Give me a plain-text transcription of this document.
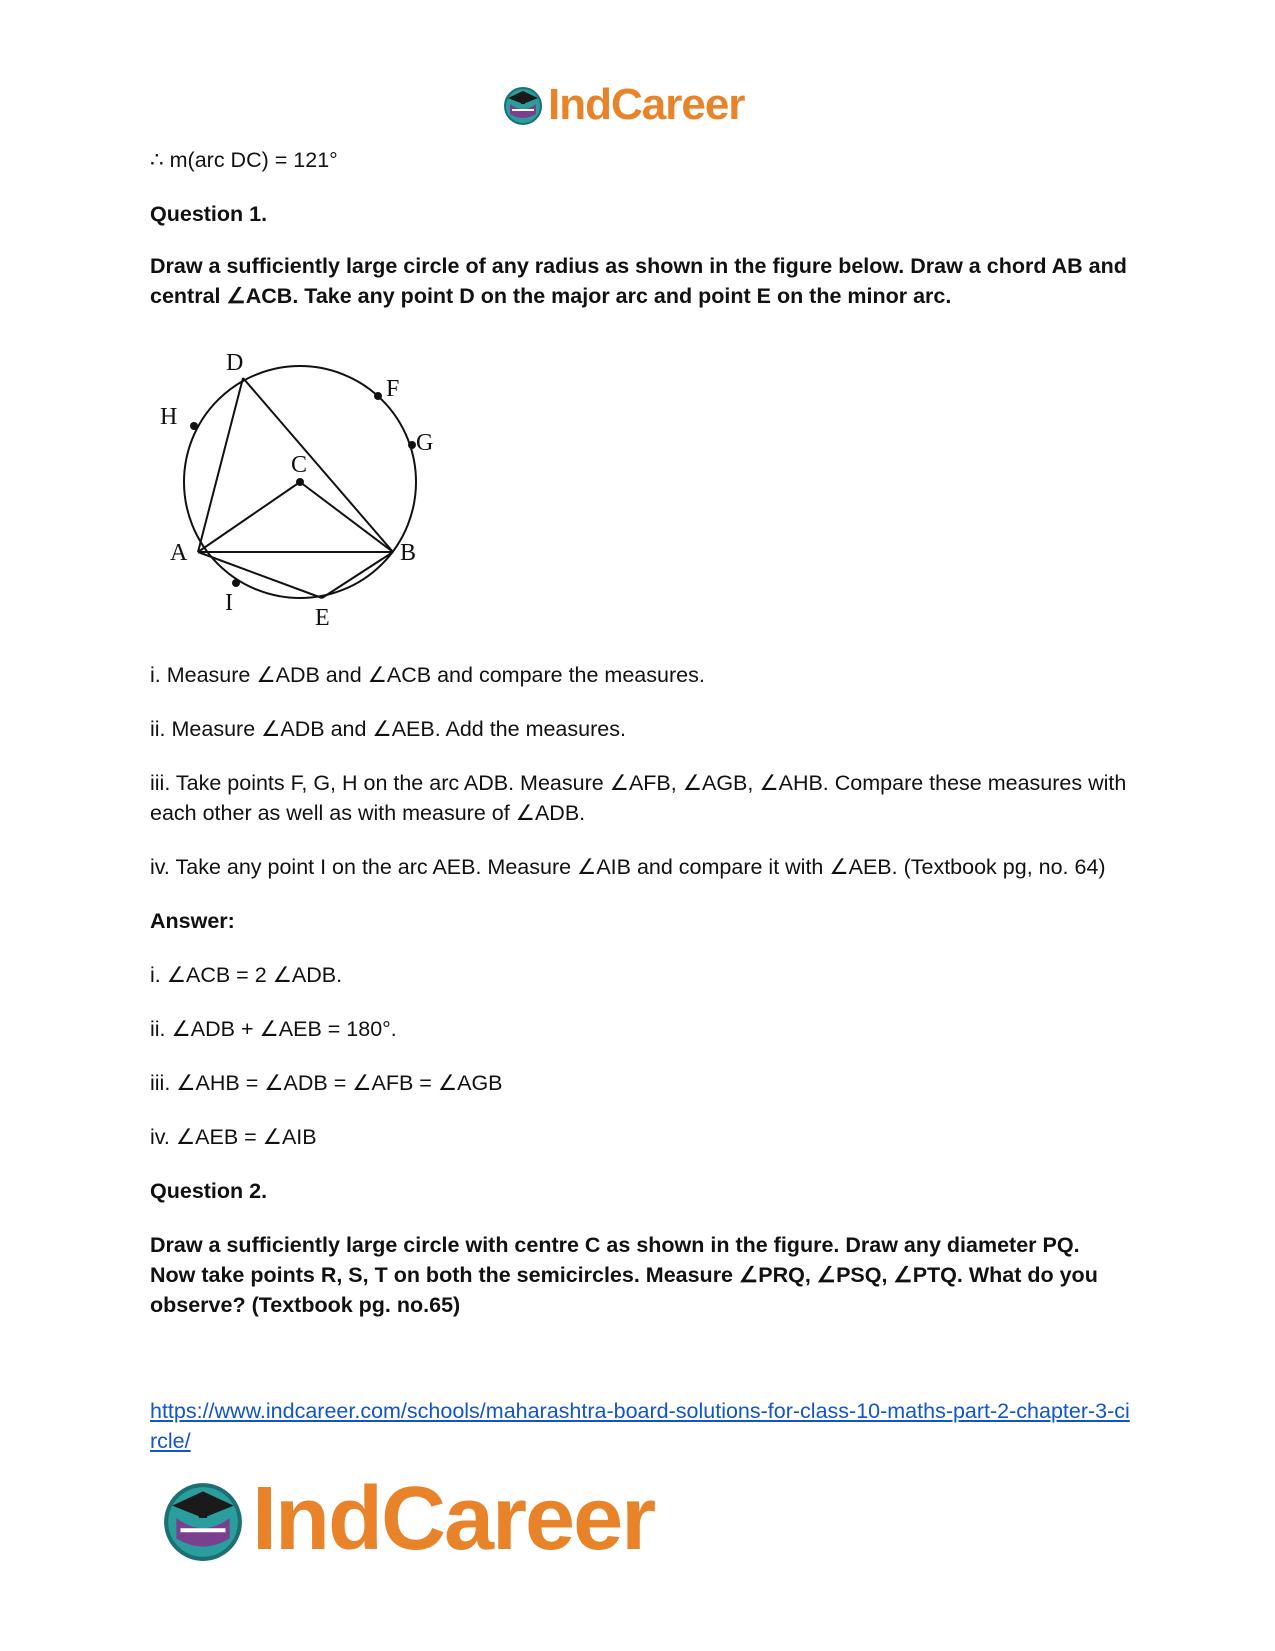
IndCareer

∴ m(arc DC) = 121°

Question 1.

Draw a sufficiently large circle of any radius as shown in the figure below. Draw a chord AB and central ∠ACB. Take any point D on the major arc and point E on the minor arc.

D
F
H
G
C
A	B
I
E

i. Measure ∠ADB and ∠ACB and compare the measures.

ii. Measure ∠ADB and ∠AEB. Add the measures.

iii. Take points F, G, H on the arc ADB. Measure ∠AFB, ∠AGB, ∠AHB. Compare these measures with each other as well as with measure of ∠ADB.

iv. Take any point I on the arc AEB. Measure ∠AIB and compare it with ∠AEB. (Textbook pg, no. 64)

Answer:

i. ∠ACB = 2 ∠ADB.

ii. ∠ADB + ∠AEB = 180°.

iii. ∠AHB = ∠ADB = ∠AFB = ∠AGB

iv. ∠AEB = ∠AIB

Question 2.

Draw a sufficiently large circle with centre C as shown in the figure. Draw any diameter PQ. Now take points R, S, T on both the semicircles. Measure ∠PRQ, ∠PSQ, ∠PTQ. What do you observe? (Textbook pg. no.65)

https://www.indcareer.com/schools/maharashtra-board-solutions-for-class-10-maths-part-2-chapter-3-circle/
IndCareer
